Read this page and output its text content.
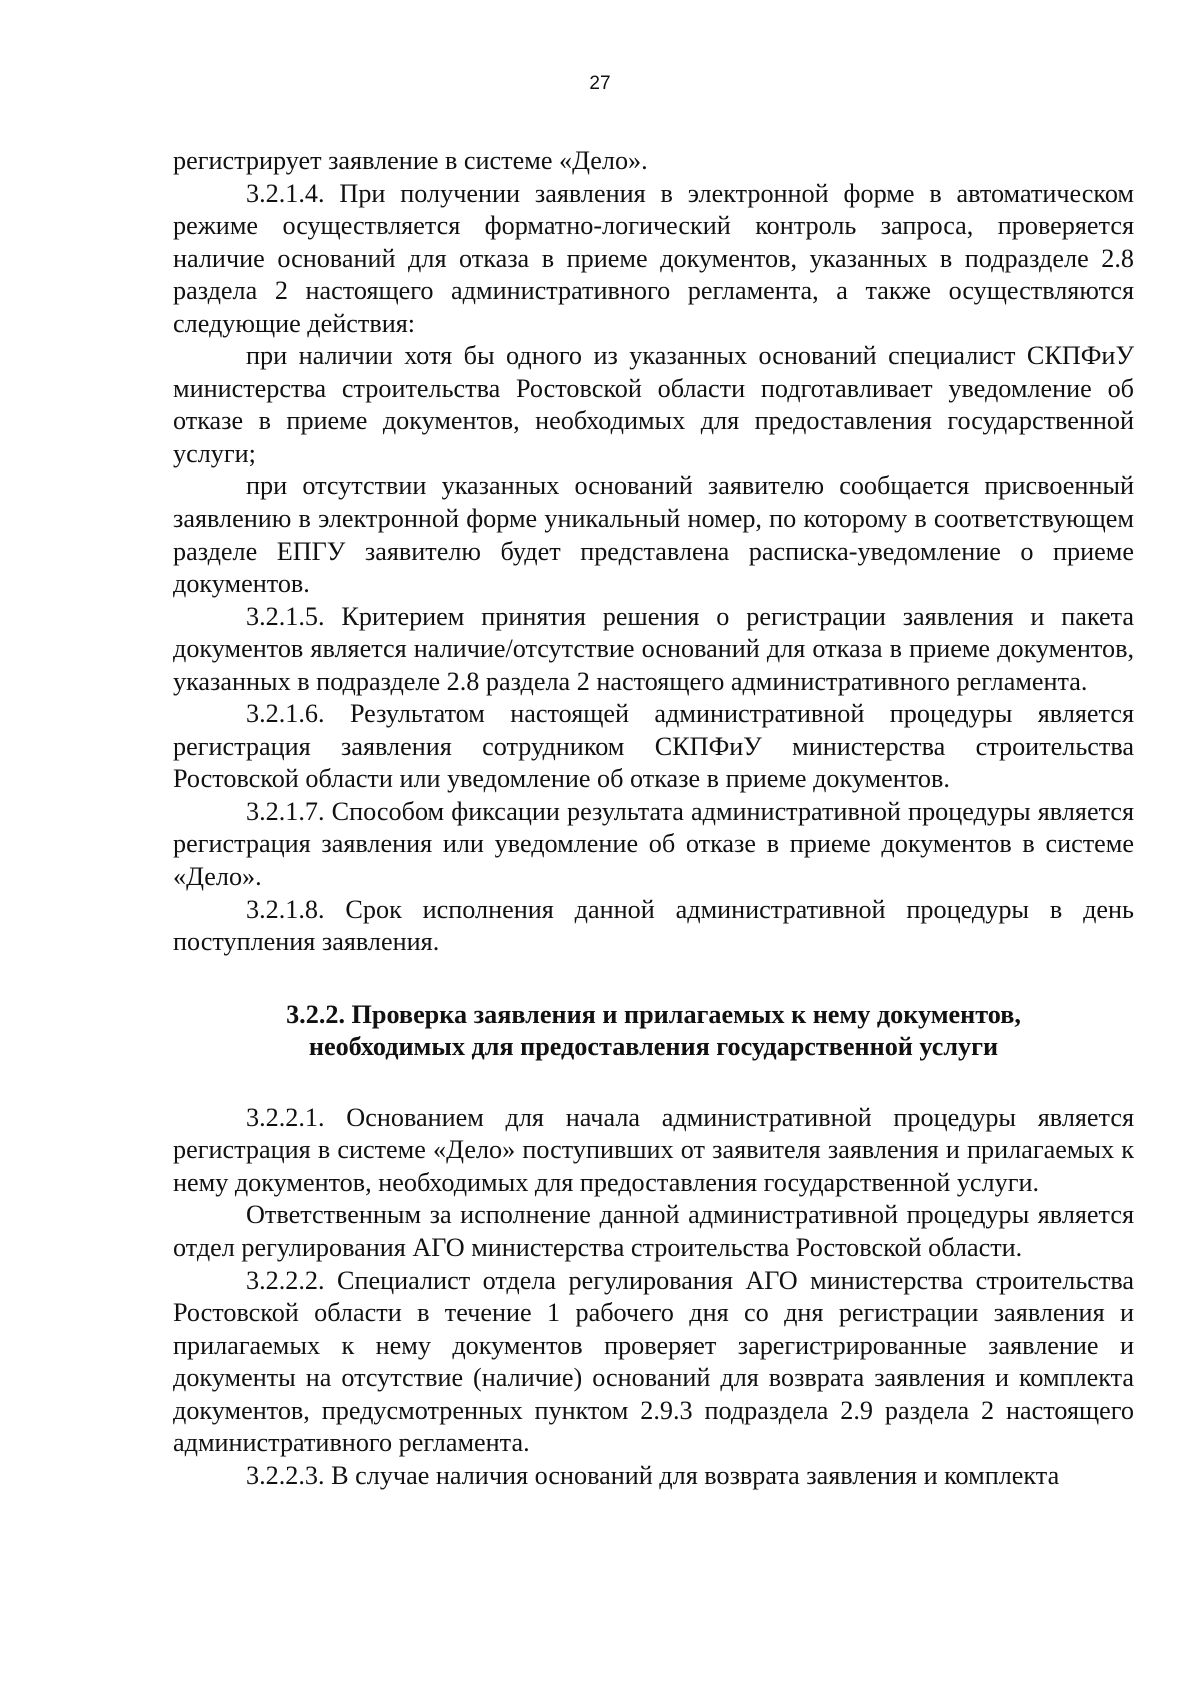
27

регистрирует заявление в системе «Дело».

3.2.1.4. При получении заявления в электронной форме в автоматическом режиме осуществляется форматно-логический контроль запроса, проверяется наличие оснований для отказа в приеме документов, указанных в подразделе 2.8 раздела 2 настоящего административного регламента, а также осуществляются следующие действия:

при наличии хотя бы одного из указанных оснований специалист СКПФиУ министерства строительства Ростовской области подготавливает уведомление об отказе в приеме документов, необходимых для предоставления государственной услуги;

при отсутствии указанных оснований заявителю сообщается присвоенный заявлению в электронной форме уникальный номер, по которому в соответствующем разделе ЕПГУ заявителю будет представлена расписка-уведомление о приеме документов.

3.2.1.5. Критерием принятия решения о регистрации заявления и пакета документов является наличие/отсутствие оснований для отказа в приеме документов, указанных в подразделе 2.8 раздела 2 настоящего административного регламента.

3.2.1.6. Результатом настоящей административной процедуры является регистрация заявления сотрудником СКПФиУ министерства строительства Ростовской области или уведомление об отказе в приеме документов.

3.2.1.7. Способом фиксации результата административной процедуры является регистрация заявления или уведомление об отказе в приеме документов в системе «Дело».

3.2.1.8. Срок исполнения данной административной процедуры в день поступления заявления.

3.2.2. Проверка заявления и прилагаемых к нему документов,
необходимых для предоставления государственной услуги

3.2.2.1. Основанием для начала административной процедуры является регистрация в системе «Дело» поступивших от заявителя заявления и прилагаемых к нему документов, необходимых для предоставления государственной услуги.

Ответственным за исполнение данной административной процедуры является отдел регулирования АГО министерства строительства Ростовской области.

3.2.2.2. Специалист отдела регулирования АГО министерства строительства Ростовской области в течение 1 рабочего дня со дня регистрации заявления и прилагаемых к нему документов проверяет зарегистрированные заявление и документы на отсутствие (наличие) оснований для возврата заявления и комплекта документов, предусмотренных пунктом 2.9.3 подраздела 2.9 раздела 2 настоящего административного регламента.

3.2.2.3. В случае наличия оснований для возврата заявления и комплекта
